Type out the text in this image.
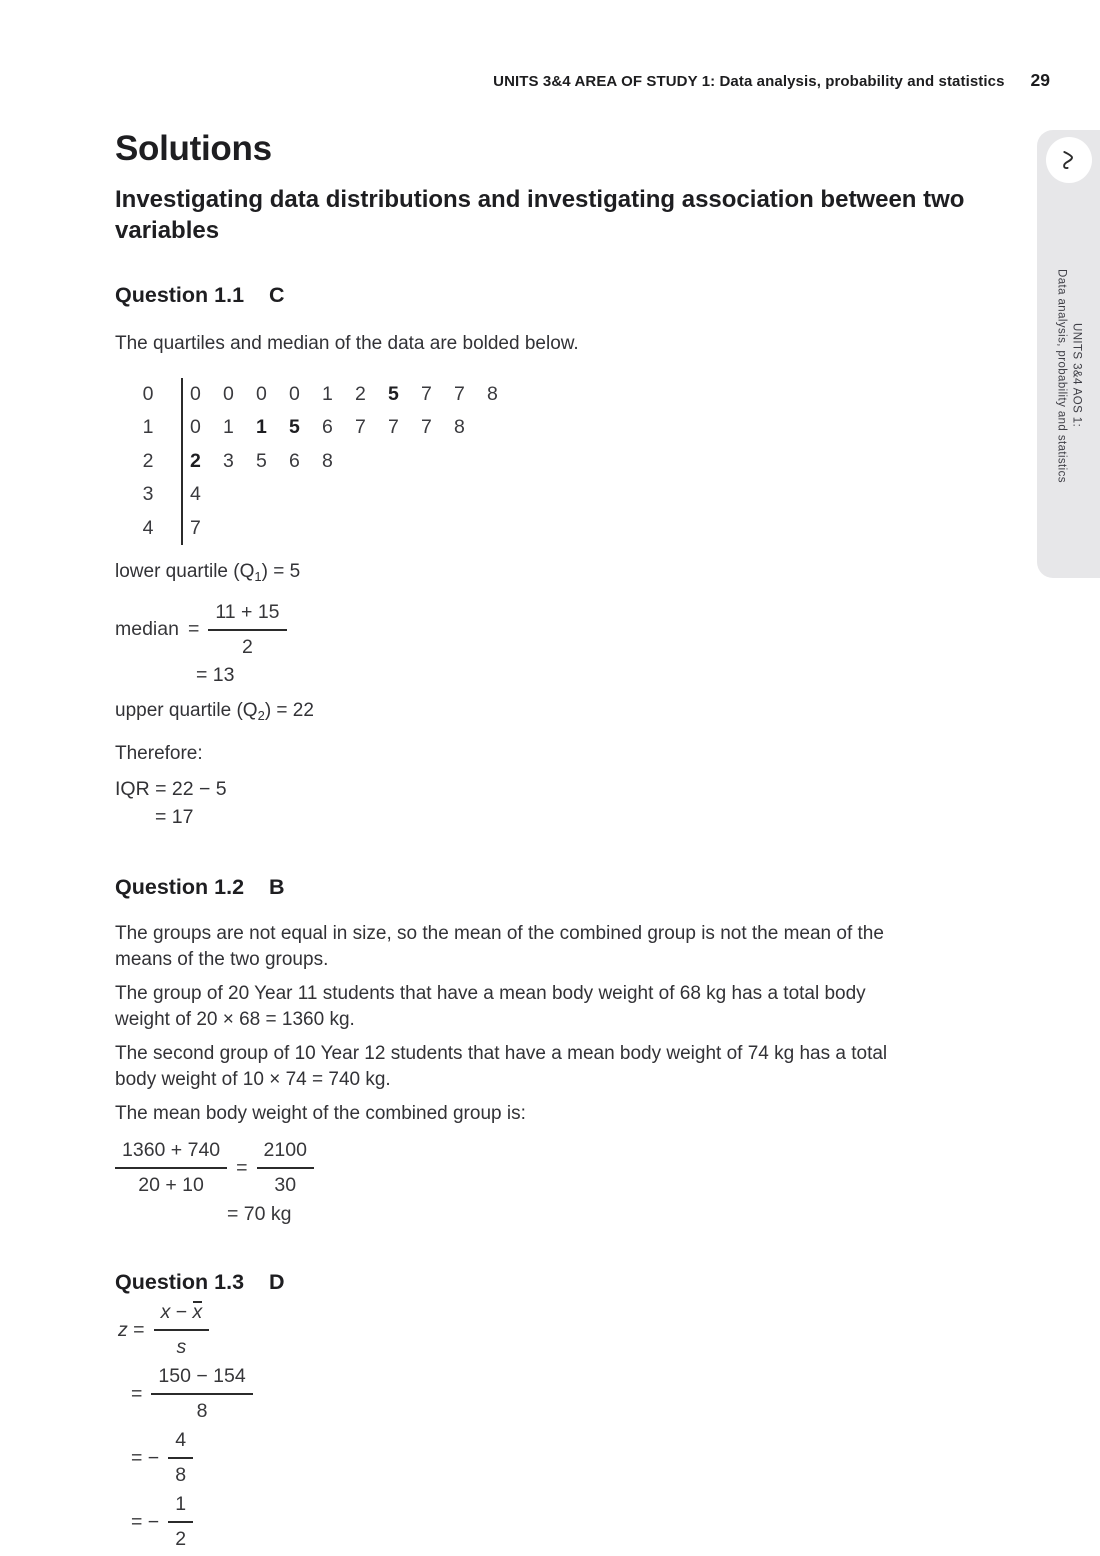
UNITS 3&4 AREA OF STUDY 1: Data analysis, probability and statistics 29
UNITS 3&4 AOS 1:
Data analysis, probability and statistics
Solutions
Investigating data distributions and investigating association between two variables
Question 1.1 C

The quartiles and median of the data are bolded below.

0	0	0	0	0	1	2	5	7	7	8
1	0	1	1	5	6	7	7	7	8
2	2	3	5	6	8
3	4
4	7

lower quartile $(Q_1) = 5$

median = $\frac{11 + 15}{2}$
= 13

upper quartile $(Q_2) = 22$

Therefore:

IQR = 22 − 5
= 17
Question 1.2 B

The groups are not equal in size, so the mean of the combined group is not the mean of the means of the two groups.

The group of 20 Year 11 students that have a mean body weight of 68 kg has a total body weight of 20 × 68 = 1360 kg.

The second group of 10 Year 12 students that have a mean body weight of 74 kg has a total body weight of 10 × 74 = 740 kg.

The mean body weight of the combined group is:

$\frac{1360 + 740}{20 + 10} = \frac{2100}{30}$
= 70 kg
Question 1.3 D
$z = \frac{x - x}{s}$
= $\frac{150 - 154}{8}$
= − $\frac{4}{8}$
= − $\frac{1}{2}$
